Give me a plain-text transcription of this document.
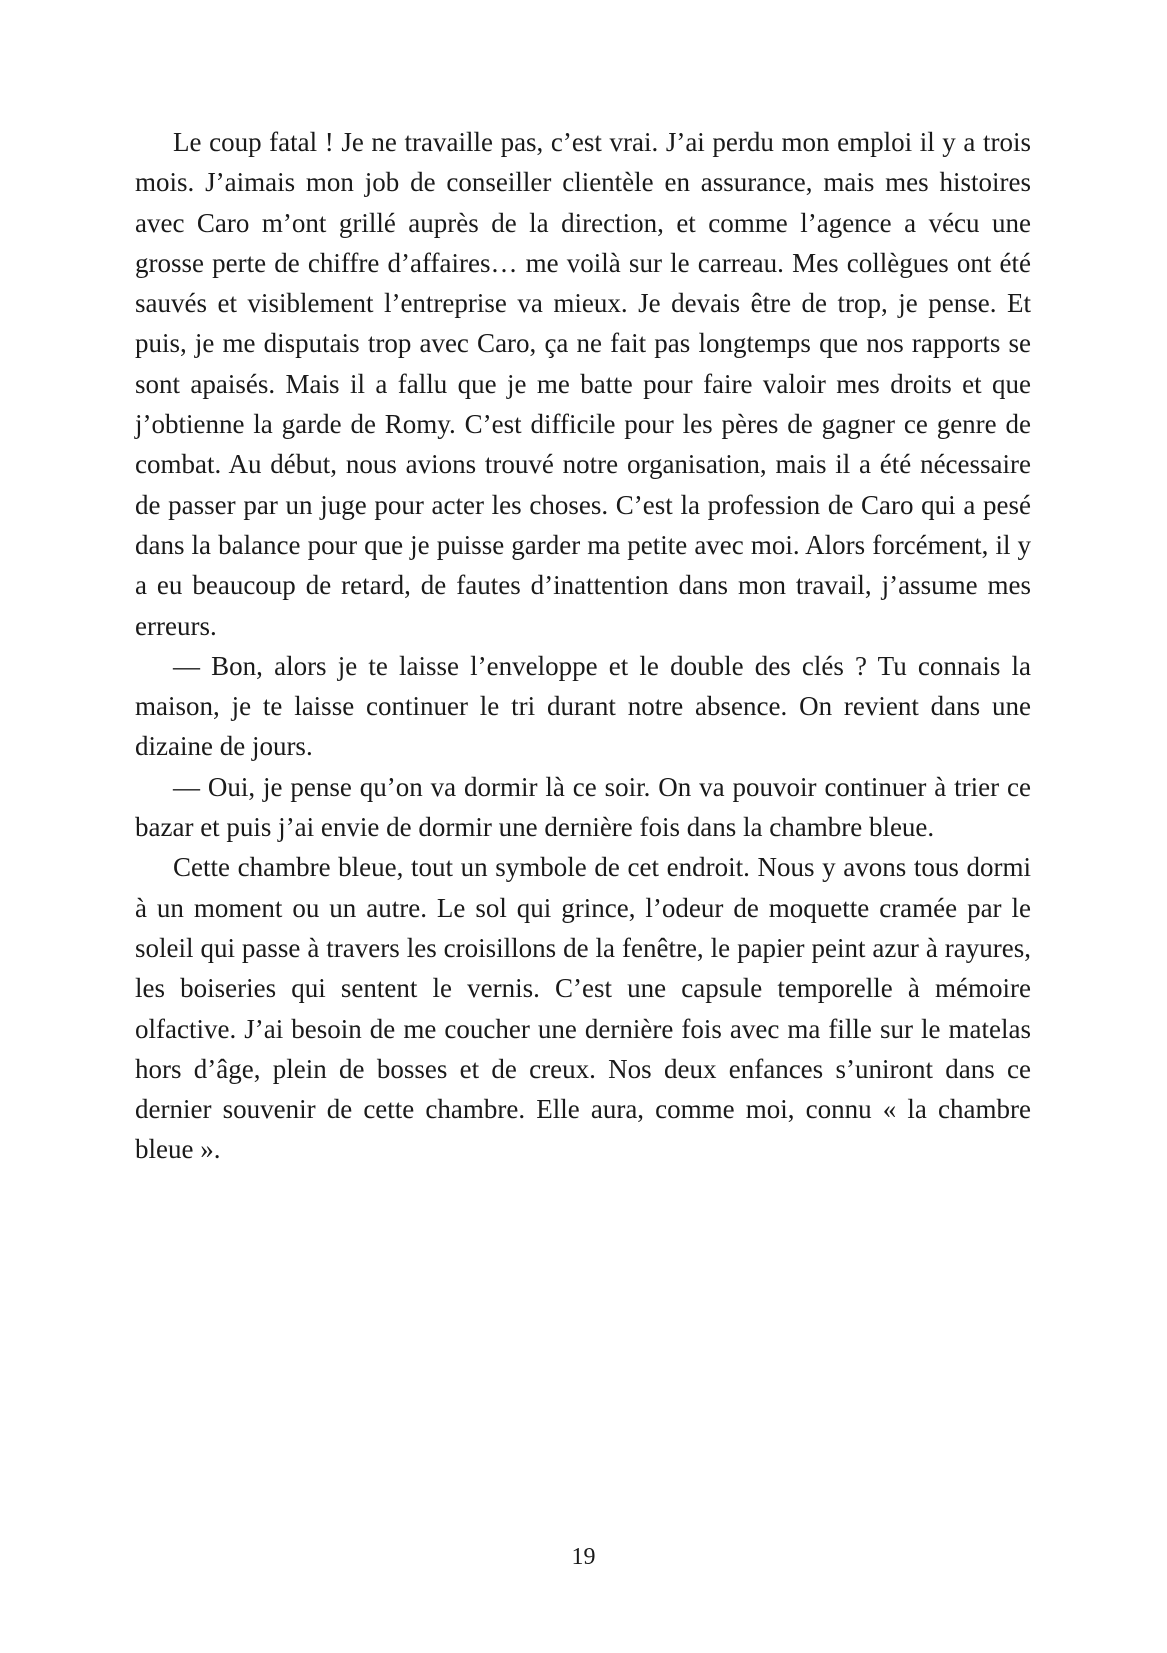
Le coup fatal ! Je ne travaille pas, c’est vrai. J’ai perdu mon emploi il y a trois mois. J’aimais mon job de conseiller clientèle en assurance, mais mes histoires avec Caro m’ont grillé auprès de la direction, et comme l’agence a vécu une grosse perte de chiffre d’affaires… me voilà sur le carreau. Mes collègues ont été sauvés et visiblement l’entreprise va mieux. Je devais être de trop, je pense. Et puis, je me disputais trop avec Caro, ça ne fait pas longtemps que nos rapports se sont apaisés. Mais il a fallu que je me batte pour faire valoir mes droits et que j’obtienne la garde de Romy. C’est difficile pour les pères de gagner ce genre de combat. Au début, nous avions trouvé notre organisation, mais il a été nécessaire de passer par un juge pour acter les choses. C’est la profession de Caro qui a pesé dans la balance pour que je puisse garder ma petite avec moi. Alors forcément, il y a eu beaucoup de retard, de fautes d’inattention dans mon travail, j’assume mes erreurs.

— Bon, alors je te laisse l’enveloppe et le double des clés ? Tu connais la maison, je te laisse continuer le tri durant notre absence. On revient dans une dizaine de jours.

— Oui, je pense qu’on va dormir là ce soir. On va pouvoir continuer à trier ce bazar et puis j’ai envie de dormir une dernière fois dans la chambre bleue.

Cette chambre bleue, tout un symbole de cet endroit. Nous y avons tous dormi à un moment ou un autre. Le sol qui grince, l’odeur de moquette cramée par le soleil qui passe à travers les croisillons de la fenêtre, le papier peint azur à rayures, les boiseries qui sentent le vernis. C’est une capsule temporelle à mémoire olfactive. J’ai besoin de me coucher une dernière fois avec ma fille sur le matelas hors d’âge, plein de bosses et de creux. Nos deux enfances s’uniront dans ce dernier souvenir de cette chambre. Elle aura, comme moi, connu « la chambre bleue ».

19
